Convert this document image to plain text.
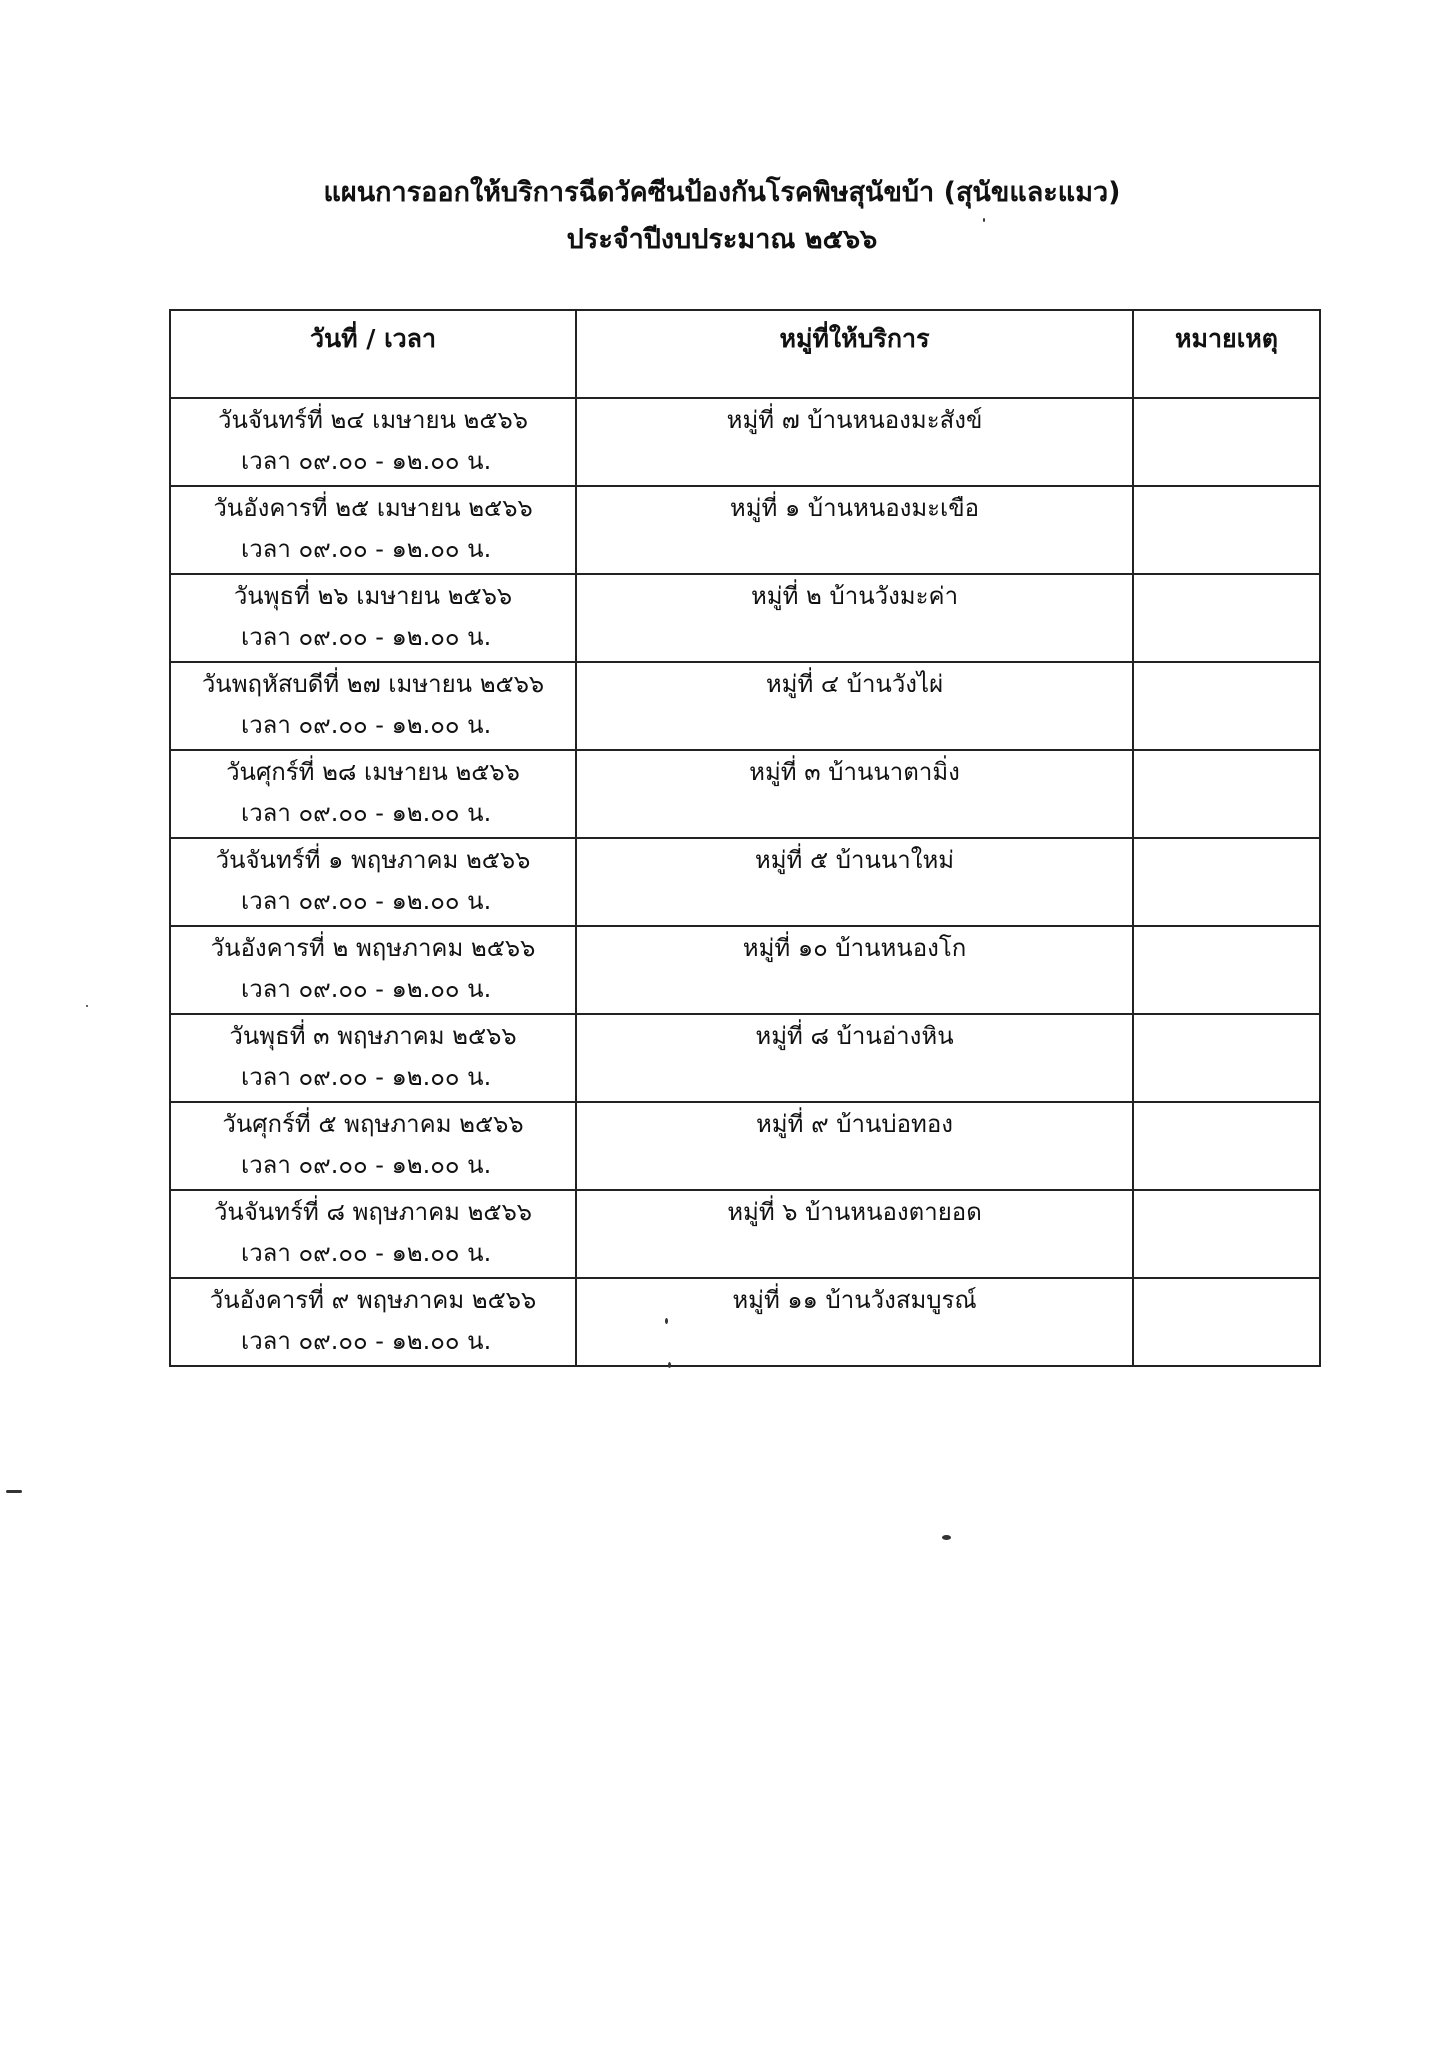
แผนการออกให้บริการฉีดวัคซีนป้องกันโรคพิษสุนัขบ้า (สุนัขและแมว)
ประจำปีงบประมาณ ๒๕๖๖
วันที่ / เวลา	หมู่ที่ให้บริการ	หมายเหตุ

วันจันทร์ที่ ๒๔ เมษายน ๒๕๖๖
เวลา ๐๙.๐๐ - ๑๒.๐๐ น.	หมู่ที่ ๗ บ้านหนองมะสังข์	

วันอังคารที่ ๒๕ เมษายน ๒๕๖๖
เวลา ๐๙.๐๐ - ๑๒.๐๐ น.	หมู่ที่ ๑ บ้านหนองมะเขือ	

วันพุธที่ ๒๖ เมษายน ๒๕๖๖
เวลา ๐๙.๐๐ - ๑๒.๐๐ น.	หมู่ที่ ๒ บ้านวังมะค่า	

วันพฤหัสบดีที่ ๒๗ เมษายน ๒๕๖๖
เวลา ๐๙.๐๐ - ๑๒.๐๐ น.	หมู่ที่ ๔ บ้านวังไผ่	

วันศุกร์ที่ ๒๘ เมษายน ๒๕๖๖
เวลา ๐๙.๐๐ - ๑๒.๐๐ น.	หมู่ที่ ๓ บ้านนาตามิ่ง	

วันจันทร์ที่ ๑ พฤษภาคม ๒๕๖๖
เวลา ๐๙.๐๐ - ๑๒.๐๐ น.	หมู่ที่ ๕ บ้านนาใหม่	

วันอังคารที่ ๒ พฤษภาคม ๒๕๖๖
เวลา ๐๙.๐๐ - ๑๒.๐๐ น.	หมู่ที่ ๑๐ บ้านหนองโก	

วันพุธที่ ๓ พฤษภาคม ๒๕๖๖
เวลา ๐๙.๐๐ - ๑๒.๐๐ น.	หมู่ที่ ๘ บ้านอ่างหิน	

วันศุกร์ที่ ๕ พฤษภาคม ๒๕๖๖
เวลา ๐๙.๐๐ - ๑๒.๐๐ น.	หมู่ที่ ๙ บ้านบ่อทอง	

วันจันทร์ที่ ๘ พฤษภาคม ๒๕๖๖
เวลา ๐๙.๐๐ - ๑๒.๐๐ น.	หมู่ที่ ๖ บ้านหนองตายอด	

วันอังคารที่ ๙ พฤษภาคม ๒๕๖๖
เวลา ๐๙.๐๐ - ๑๒.๐๐ น.	หมู่ที่ ๑๑ บ้านวังสมบูรณ์	
